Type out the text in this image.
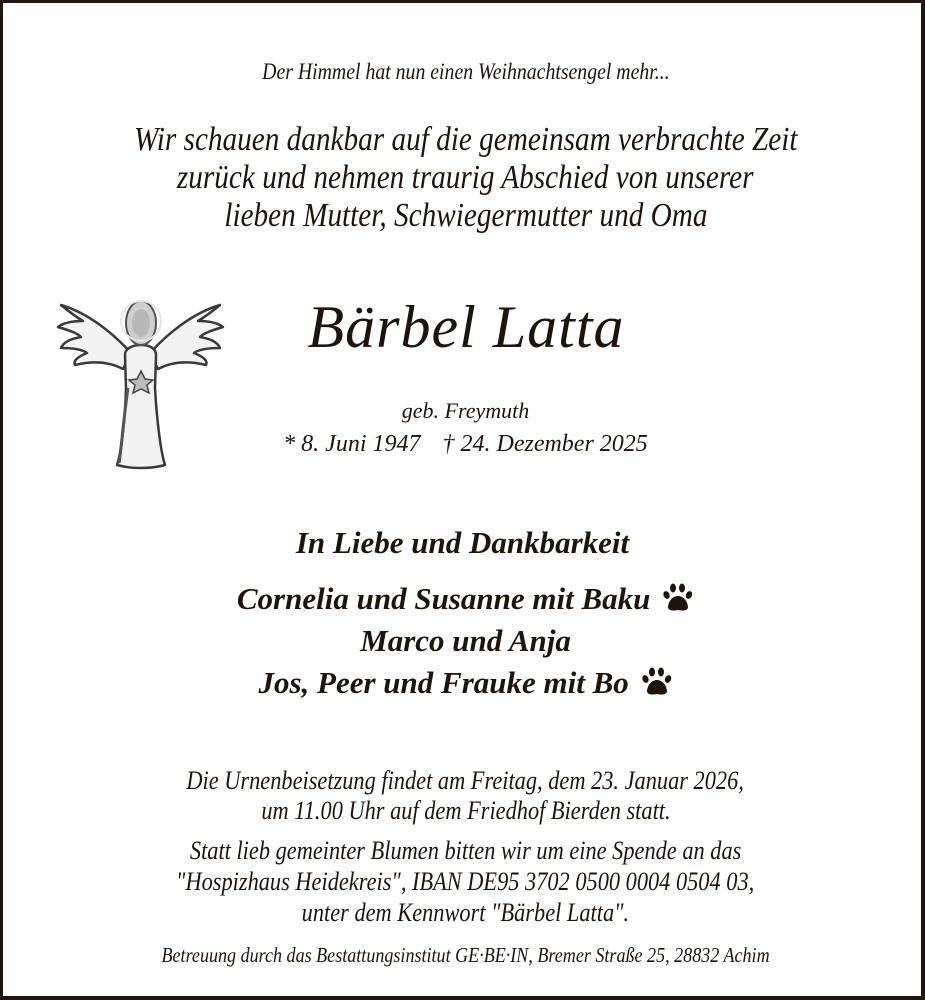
Der Himmel hat nun einen Weihnachtsengel mehr...
Wir schauen dankbar auf die gemeinsam verbrachte Zeit
zurück und nehmen traurig Abschied von unserer
lieben Mutter, Schwiegermutter und Oma
Bärbel Latta
geb. Freymuth
* 8. Juni 1947 † 24. Dezember 2025
In Liebe und Dankbarkeit
Cornelia und Susanne mit Baku
Marco und Anja
Jos, Peer und Frauke mit Bo
Die Urnenbeisetzung findet am Freitag, dem 23. Januar 2026,
um 11.00 Uhr auf dem Friedhof Bierden statt.
Statt lieb gemeinter Blumen bitten wir um eine Spende an das
"Hospizhaus Heidekreis", IBAN DE95 3702 0500 0004 0504 03,
unter dem Kennwort "Bärbel Latta".
Betreuung durch das Bestattungsinstitut GE·BE·IN, Bremer Straße 25, 28832 Achim
